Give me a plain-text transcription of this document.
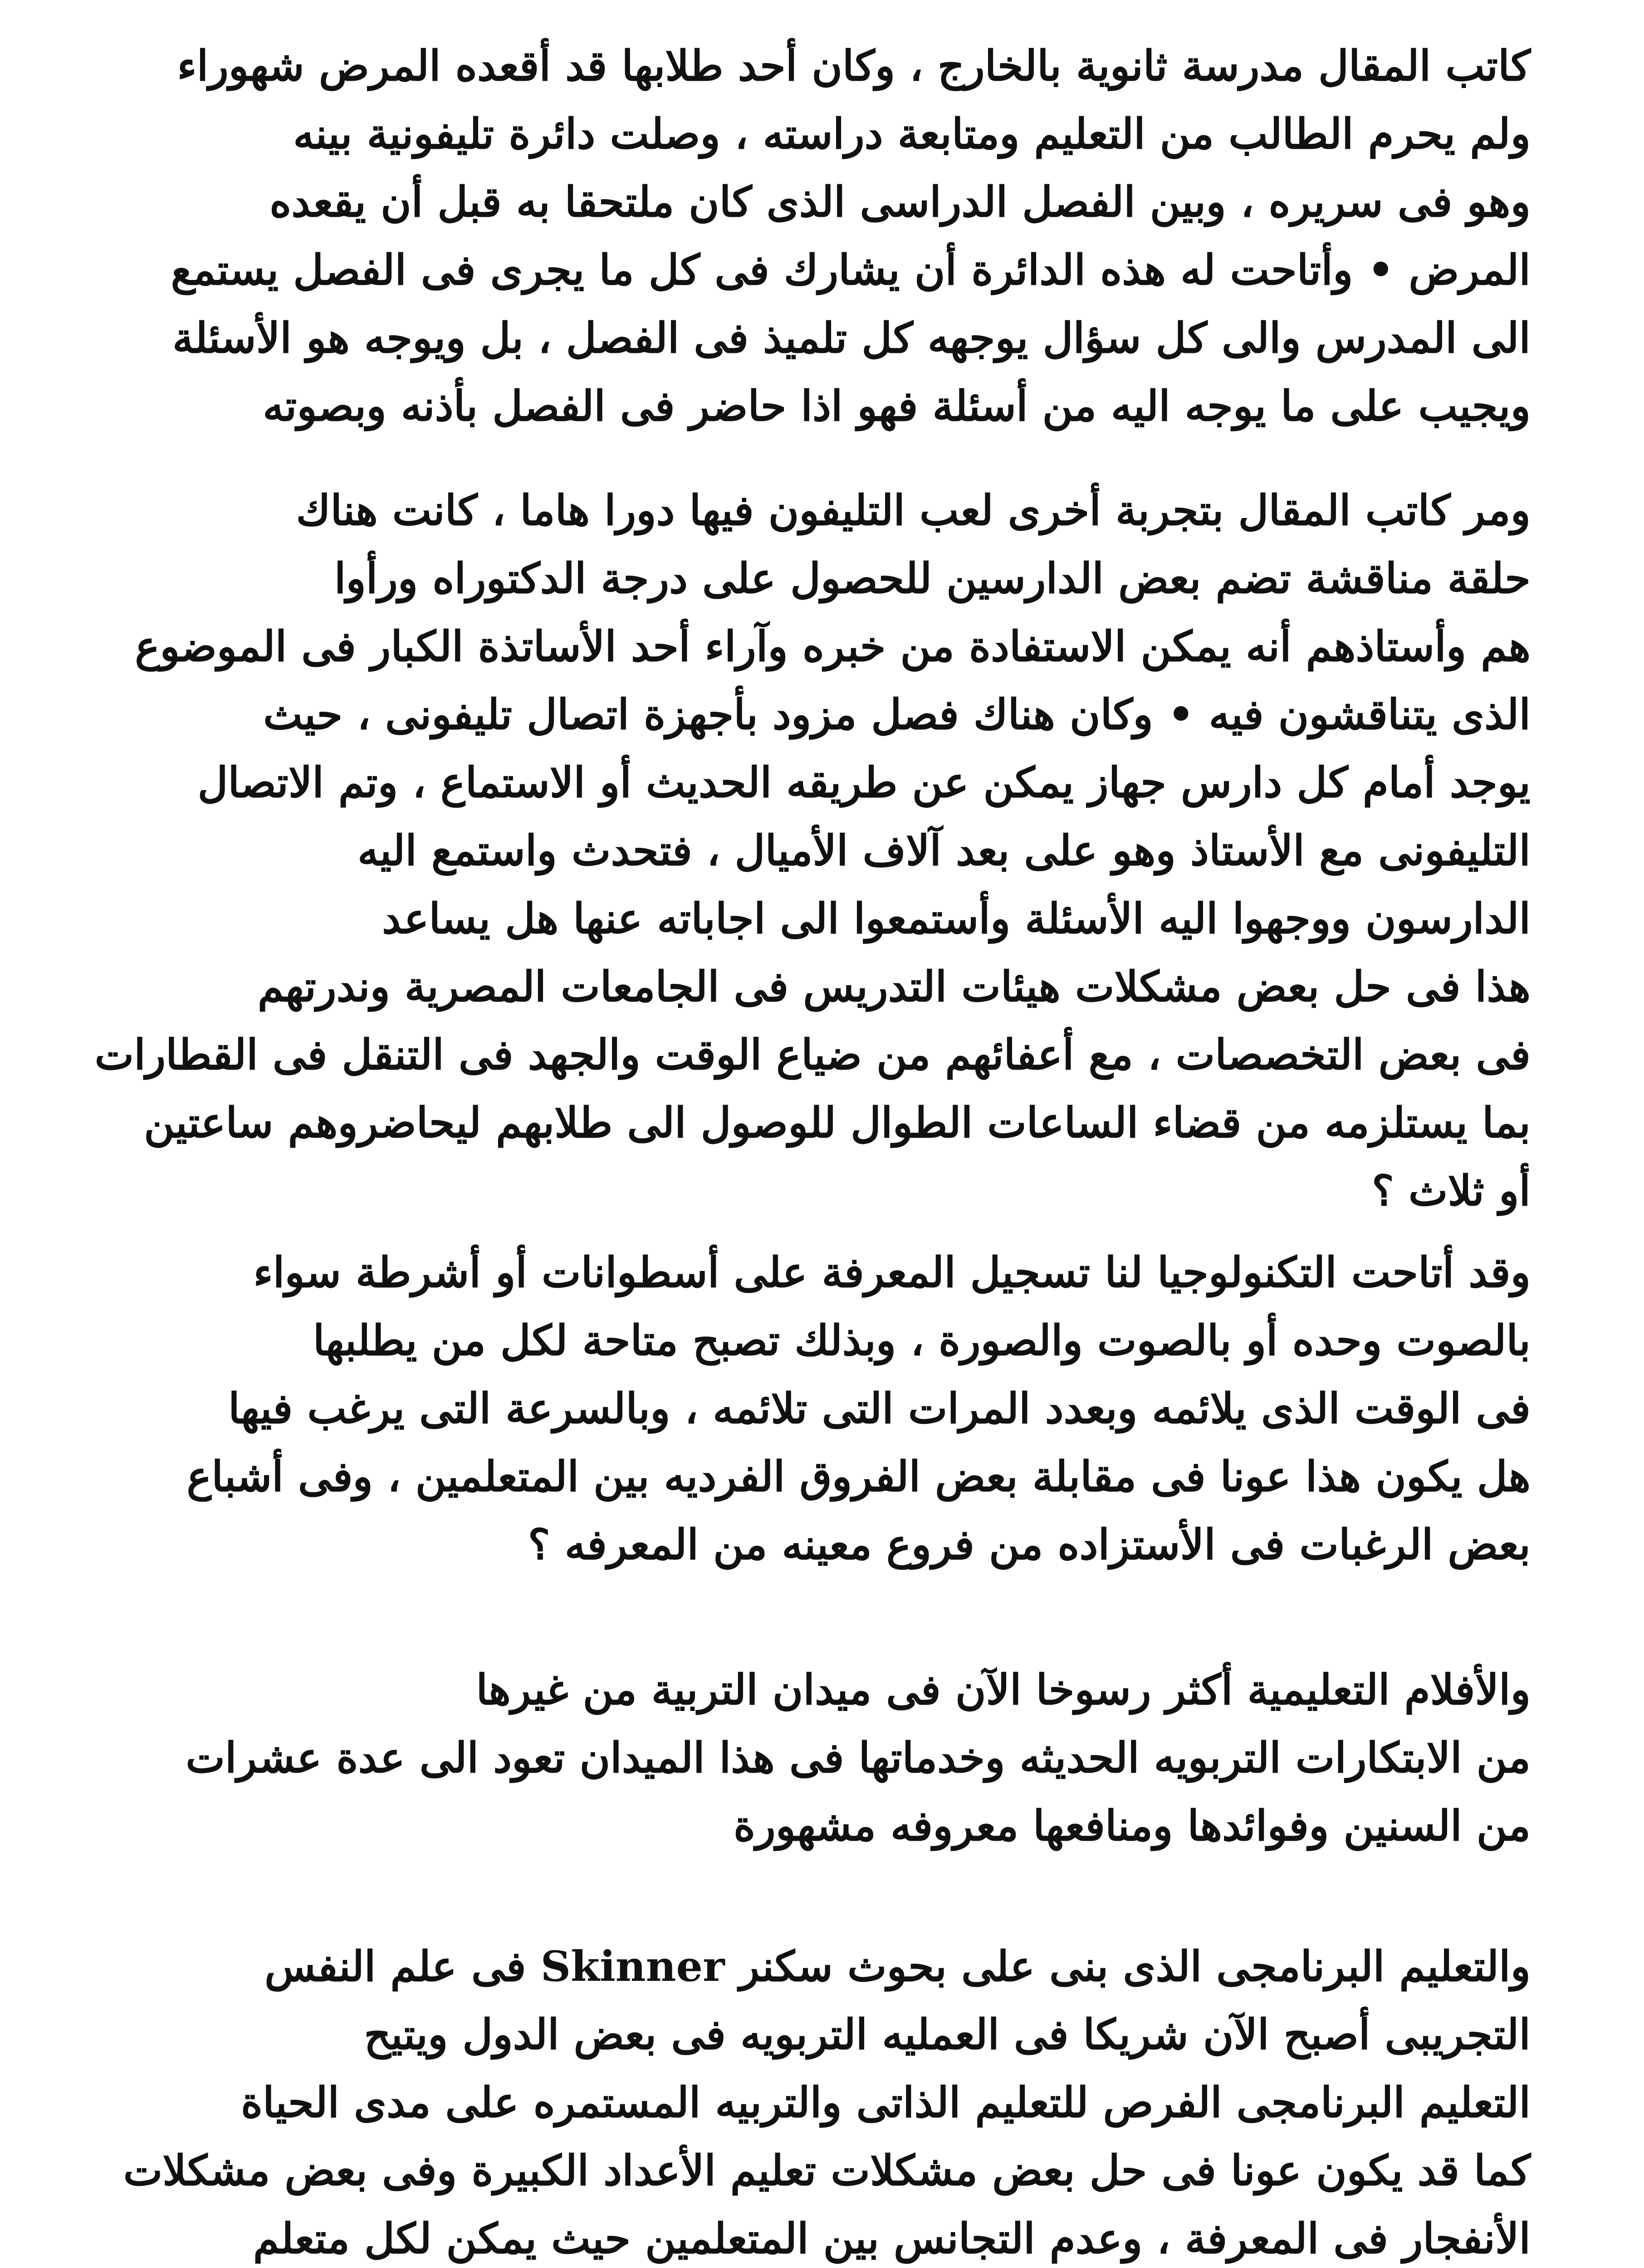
كاتب المقال مدرسة ثانوية بالخارج ، وكان أحد طلابها قد أقعده المرض شهوراء
ولم يحرم الطالب من التعليم ومتابعة دراسته ، وصلت دائرة تليفونية بينه
وهو فى سريره ، وبين الفصل الدراسى الذى كان ملتحقا به قبل أن يقعده
المرض • وأتاحت له هذه الدائرة أن يشارك فى كل ما يجرى فى الفصل يستمع
الى المدرس والى كل سؤال يوجهه كل تلميذ فى الفصل ، بل ويوجه هو الأسئلة
ويجيب على ما يوجه اليه من أسئلة فهو اذا حاضر فى الفصل بأذنه وبصوته
ومر كاتب المقال بتجربة أخرى لعب التليفون فيها دورا هاما ، كانت هناك
حلقة مناقشة تضم بعض الدارسين للحصول على درجة الدكتوراه ورأوا
هم وأستاذهم أنه يمكن الاستفادة من خبره وآراء أحد الأساتذة الكبار فى الموضوع
الذى يتناقشون فيه • وكان هناك فصل مزود بأجهزة اتصال تليفونى ، حيث
يوجد أمام كل دارس جهاز يمكن عن طريقه الحديث أو الاستماع ، وتم الاتصال
التليفونى مع الأستاذ وهو على بعد آلاف الأميال ، فتحدث واستمع اليه
الدارسون ووجهوا اليه الأسئلة وأستمعوا الى اجاباته عنها هل يساعد
هذا فى حل بعض مشكلات هيئات التدريس فى الجامعات المصرية وندرتهم
فى بعض التخصصات ، مع أعفائهم من ضياع الوقت والجهد فى التنقل فى القطارات
بما يستلزمه من قضاء الساعات الطوال للوصول الى طلابهم ليحاضروهم ساعتين
أو ثلاث ؟
وقد أتاحت التكنولوجيا لنا تسجيل المعرفة على أسطوانات أو أشرطة سواء
بالصوت وحده أو بالصوت والصورة ، وبذلك تصبح متاحة لكل من يطلبها
فى الوقت الذى يلائمه وبعدد المرات التى تلائمه ، وبالسرعة التى يرغب فيها
هل يكون هذا عونا فى مقابلة بعض الفروق الفرديه بين المتعلمين ، وفى أشباع
بعض الرغبات فى الأستزاده من فروع معينه من المعرفه ؟
والأفلام التعليمية أكثر رسوخا الآن فى ميدان التربية من غيرها
من الابتكارات التربويه الحديثه وخدماتها فى هذا الميدان تعود الى عدة عشرات
من السنين وفوائدها ومنافعها معروفه مشهورة
والتعليم البرنامجى الذى بنى على بحوث سكنر Skinner فى علم النفس
التجريبى أصبح الآن شريكا فى العمليه التربويه فى بعض الدول ويتيح
التعليم البرنامجى الفرص للتعليم الذاتى والتربيه المستمره على مدى الحياة
كما قد يكون عونا فى حل بعض مشكلات تعليم الأعداد الكبيرة وفى بعض مشكلات
الأنفجار فى المعرفة ، وعدم التجانس بين المتعلمين حيث يمكن لكل متعلم
